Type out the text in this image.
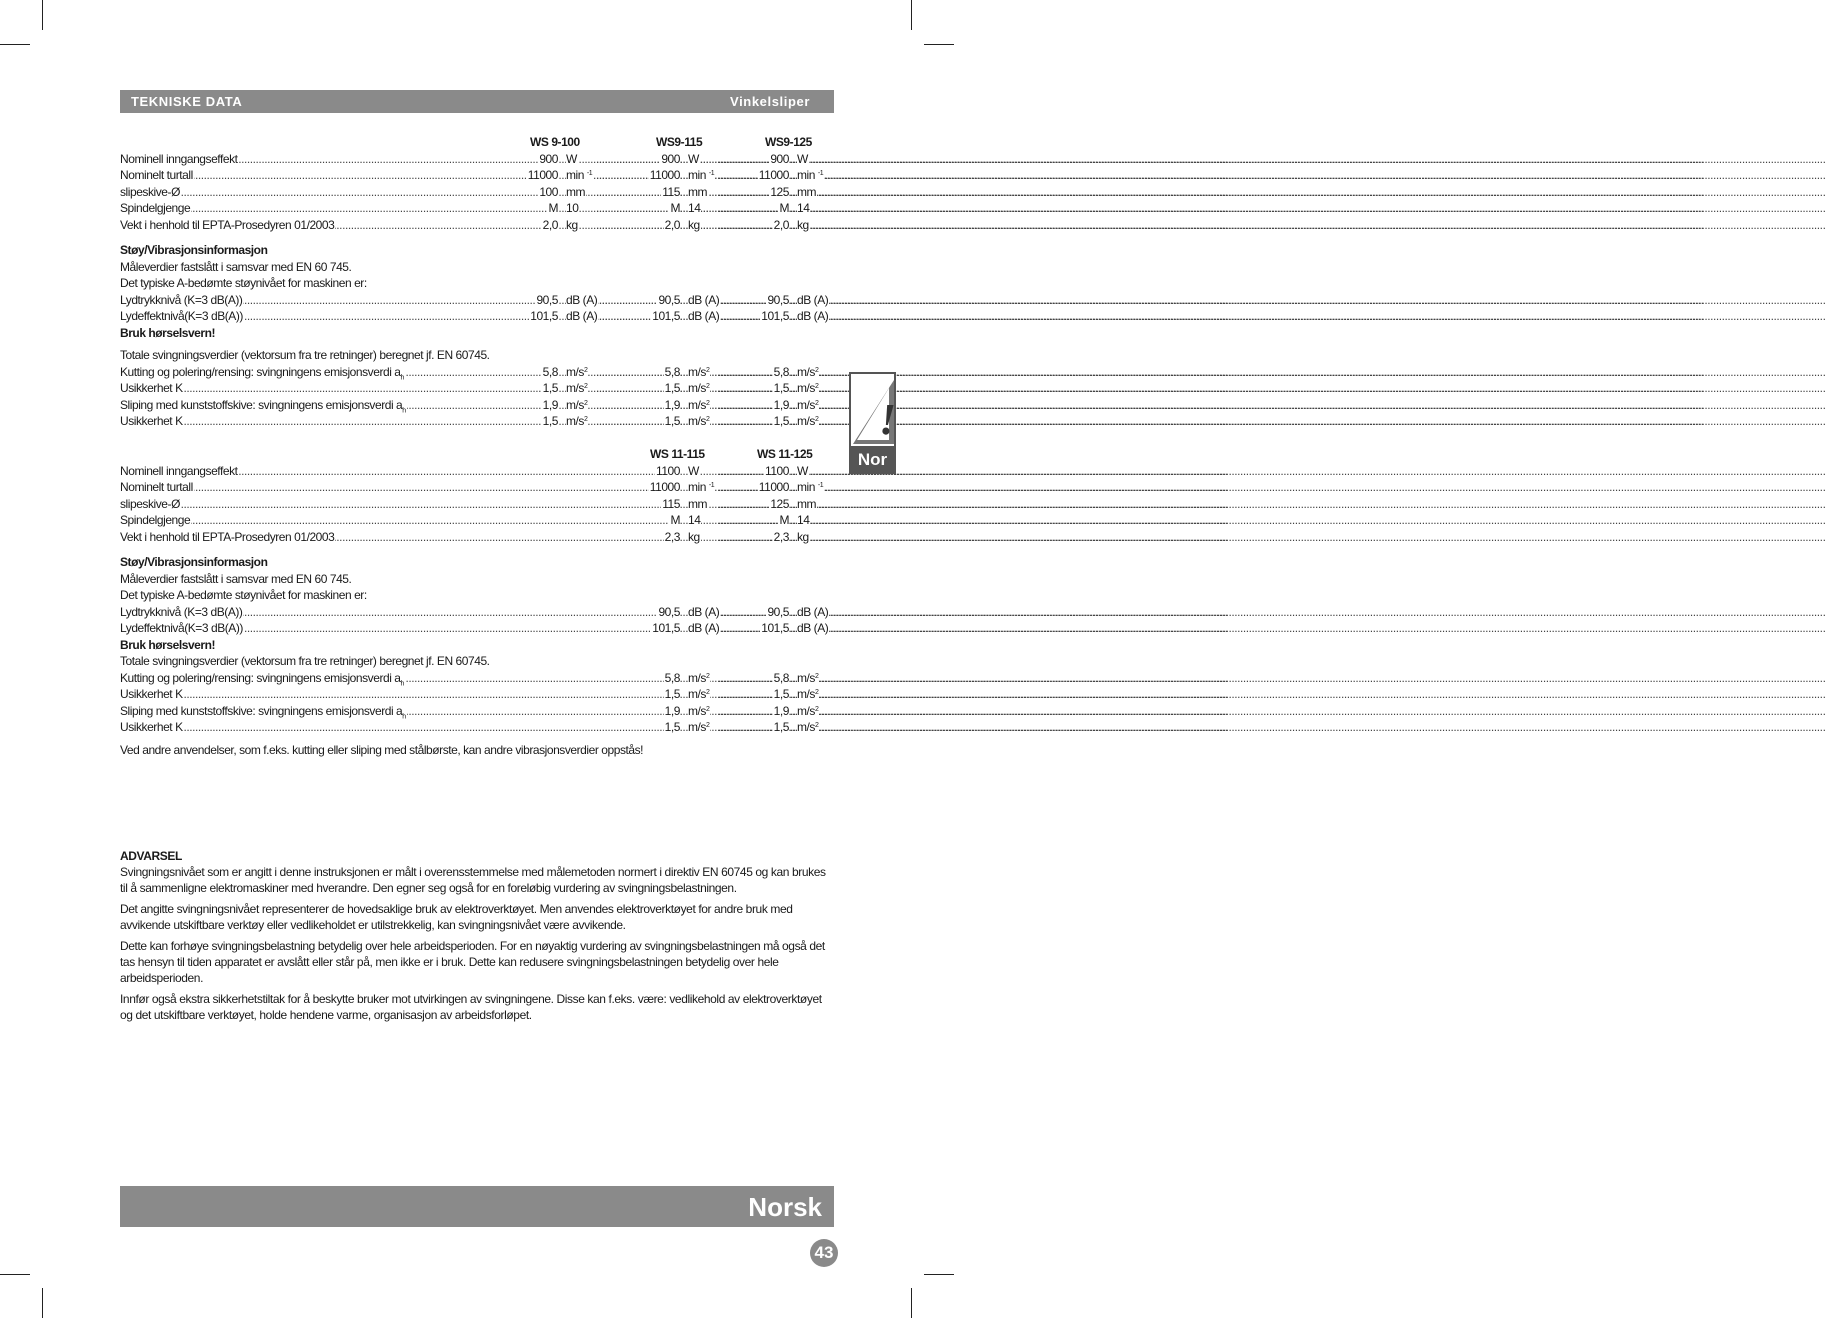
TEKNISKE DATA	Vinkelsliper
WS 9-100	WS9-115	WS9-125
Nominell inngangseffekt .....	900 W .....	900 W .....	900 W
Nominelt turtall .....	11000 min $^{-1}$ .....	11000 min $^{-1}$ .....	11000 min $^{-1}$
slipeskive-Ø .....	100 mm .....	115 mm .....	125 mm
Spindelgjenge .....	M 10 .....	M 14 .....	M 14
Vekt i henhold til EPTA-Prosedyren 01/2003 .....	2,0 kg .....	2,0 kg .....	2,0 kg
Støy/Vibrasjonsinformasjon
Måleverdier fastslått i samsvar med EN 60 745.
Det typiske A-bedømte støynivået for maskinen er:
Lydtrykknivå (K=3 dB(A)) .....	90,5 dB (A) .....	90,5 dB (A) .....	90,5 dB (A)
Lydeffektnivå(K=3 dB(A)) .....	101,5 dB (A) .....	101,5 dB (A) .....	101,5 dB (A)
Bruk hørselsvern!
Totale svingningsverdier (vektorsum fra tre retninger) beregnet jf. EN 60745.
Kutting og polering/rensing: svingningens emisjonsverdi $a_h$ .....	5,8 $m/s^2$ .....	5,8 $m/s^2$ .....	5,8 $m/s^2$
Usikkerhet K .....	1,5 $m/s^2$ .....	1,5 $m/s^2$ .....	1,5 $m/s^2$
Sliping med kunststoffskive: svingningens emisjonsverdi $a_h$ .....	1,9 $m/s^2$ .....	1,9 $m/s^2$ .....	1,9 $m/s^2$
Usikkerhet K .....	1,5 $m/s^2$ .....	1,5 $m/s^2$ .....	1,5 $m/s^2$
WS 11-115	WS 11-125
Nominell inngangseffekt .....	1100 W .....	1100 W
Nominelt turtall .....	11000 min $^{-1}$ .....	11000 min $^{-1}$
slipeskive-Ø .....	115 mm .....	125 mm
Spindelgjenge .....	M 14 .....	M 14
Vekt i henhold til EPTA-Prosedyren 01/2003 .....	2,3 kg .....	2,3 kg
Støy/Vibrasjonsinformasjon
Måleverdier fastslått i samsvar med EN 60 745.
Det typiske A-bedømte støynivået for maskinen er:
Lydtrykknivå (K=3 dB(A)) .....	90,5 dB (A) .....	90,5 dB (A)
Lydeffektnivå(K=3 dB(A)) .....	101,5 dB (A) .....	101,5 dB (A)
Bruk hørselsvern!
Totale svingningsverdier (vektorsum fra tre retninger) beregnet jf. EN 60745.
Kutting og polering/rensing: svingningens emisjonsverdi $a_h$ .....	5,8 $m/s^2$ .....	5,8 $m/s^2$
Usikkerhet K .....	1,5 $m/s^2$ .....	1,5 $m/s^2$
Sliping med kunststoffskive: svingningens emisjonsverdi $a_h$ .....	1,9 $m/s^2$ .....	1,9 $m/s^2$
Usikkerhet K .....	1,5 $m/s^2$ .....	1,5 $m/s^2$
Ved andre anvendelser, som f.eks. kutting eller sliping med stålbørste, kan andre vibrasjonsverdier oppstås!
ADVARSEL

Svingningsnivået som er angitt i denne instruksjonen er målt i overensstemmelse med målemetoden normert i direktiv EN 60745 og kan brukes til å sammenligne elektromaskiner med hverandre. Den egner seg også for en foreløbig vurdering av svingningsbelastningen.

Det angitte svingningsnivået representerer de hovedsaklige bruk av elektroverktøyet. Men anvendes elektroverktøyet for andre bruk med avvikende utskiftbare verktøy eller vedlikeholdet er utilstrekkelig, kan svingningsnivået være avvikende.

Dette kan forhøye svingningsbelastning betydelig over hele arbeidsperioden. For en nøyaktig vurdering av svingningsbelastningen må også det tas hensyn til tiden apparatet er avslått eller står på, men ikke er i bruk. Dette kan redusere svingningsbelastningen betydelig over hele arbeidsperioden.

Innfør også ekstra sikkerhetstiltak for å beskytte bruker mot utvirkingen av svingningene. Disse kan f.eks. være: vedlikehold av elektroverktøyet og det utskiftbare verktøyet, holde hendene varme, organisasjon av arbeidsforløpet.

!
Nor
Norsk
43
